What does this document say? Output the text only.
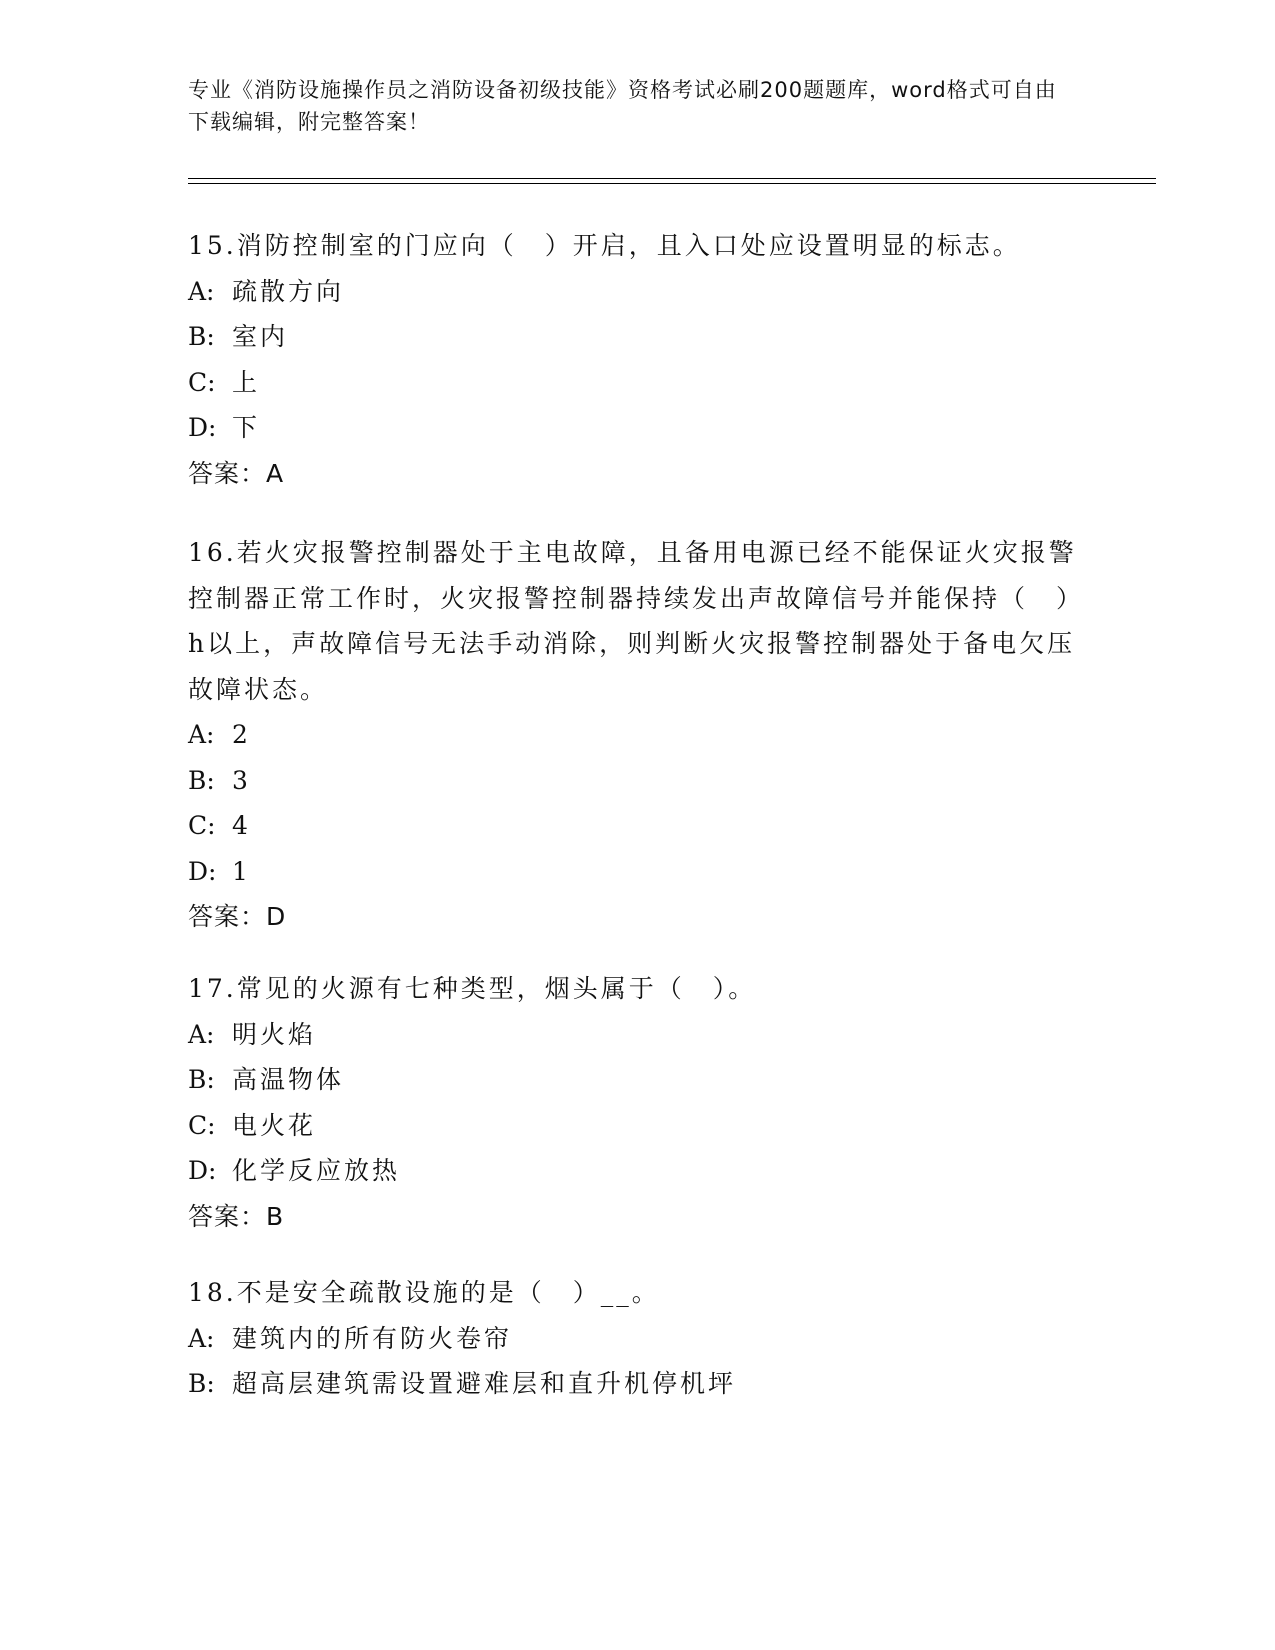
专业《消防设施操作员之消防设备初级技能》资格考试必刷200题题库，word格式可自由下载编辑，附完整答案！

15.消防控制室的门应向（　）开启，且入口处应设置明显的标志。

A: 疏散方向

B: 室内

C: 上

D: 下

答案：A

16.若火灾报警控制器处于主电故障，且备用电源已经不能保证火灾报警控制器正常工作时，火灾报警控制器持续发出声故障信号并能保持（　）h以上，声故障信号无法手动消除，则判断火灾报警控制器处于备电欠压故障状态。

A: 2

B: 3

C: 4

D: 1

答案：D

17.常见的火源有七种类型，烟头属于（　）。

A: 明火焰

B: 高温物体

C: 电火花

D: 化学反应放热

答案：B

18.不是安全疏散设施的是（　）__。

A: 建筑内的所有防火卷帘

B: 超高层建筑需设置避难层和直升机停机坪
